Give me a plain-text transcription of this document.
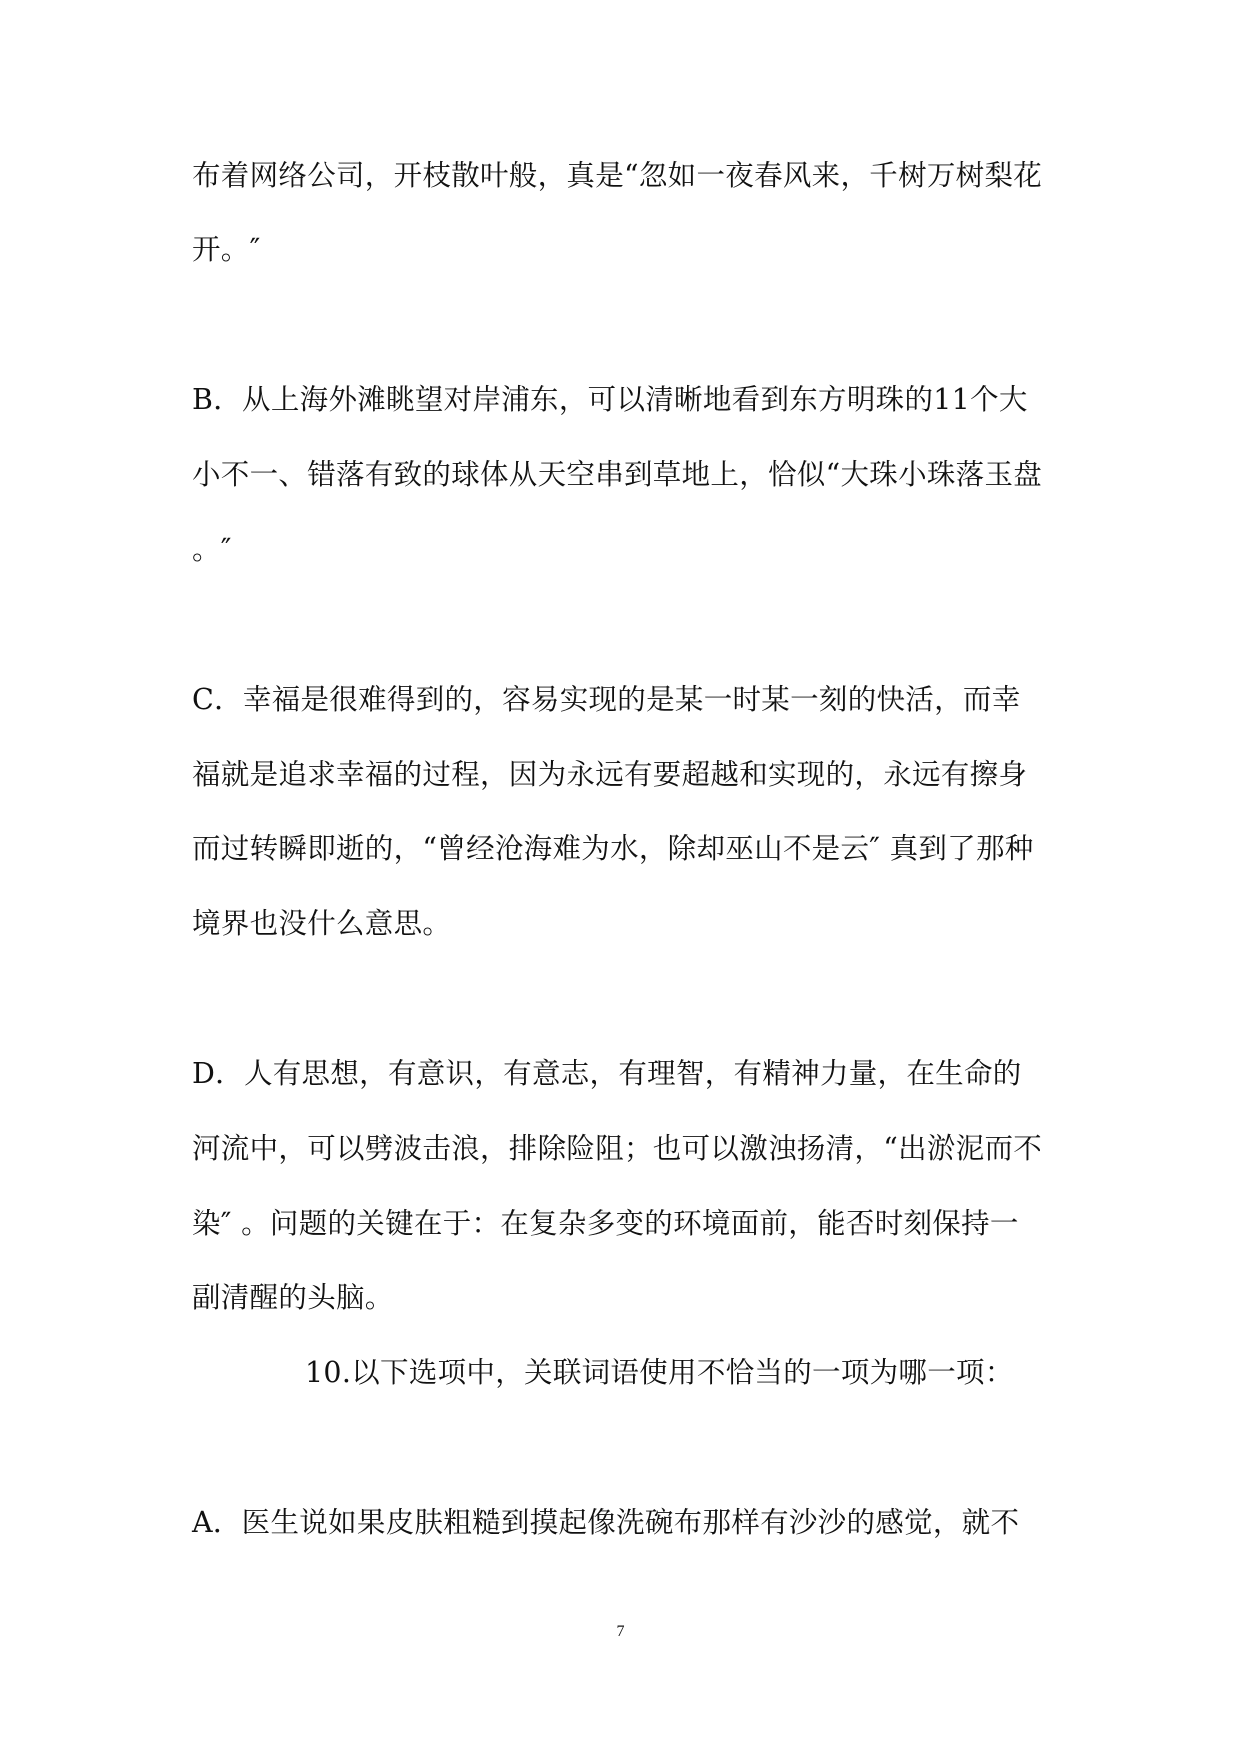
布着网络公司，开枝散叶般，真是“忽如一夜春风来，千树万树梨花
开。″
B．从上海外滩眺望对岸浦东，可以清晰地看到东方明珠的11个大
小不一、错落有致的球体从天空串到草地上，恰似“大珠小珠落玉盘
。″
C．幸福是很难得到的，容易实现的是某一时某一刻的快活，而幸
福就是追求幸福的过程，因为永远有要超越和实现的，永远有擦身
而过转瞬即逝的，“曾经沧海难为水，除却巫山不是云″ 真到了那种
境界也没什么意思。
D．人有思想，有意识，有意志，有理智，有精神力量，在生命的
河流中，可以劈波击浪，排除险阻；也可以激浊扬清，“出淤泥而不
染″ 。问题的关键在于：在复杂多变的环境面前，能否时刻保持一
副清醒的头脑。
10.以下选项中，关联词语使用不恰当的一项为哪一项：
A．医生说如果皮肤粗糙到摸起像洗碗布那样有沙沙的感觉，就不
7
